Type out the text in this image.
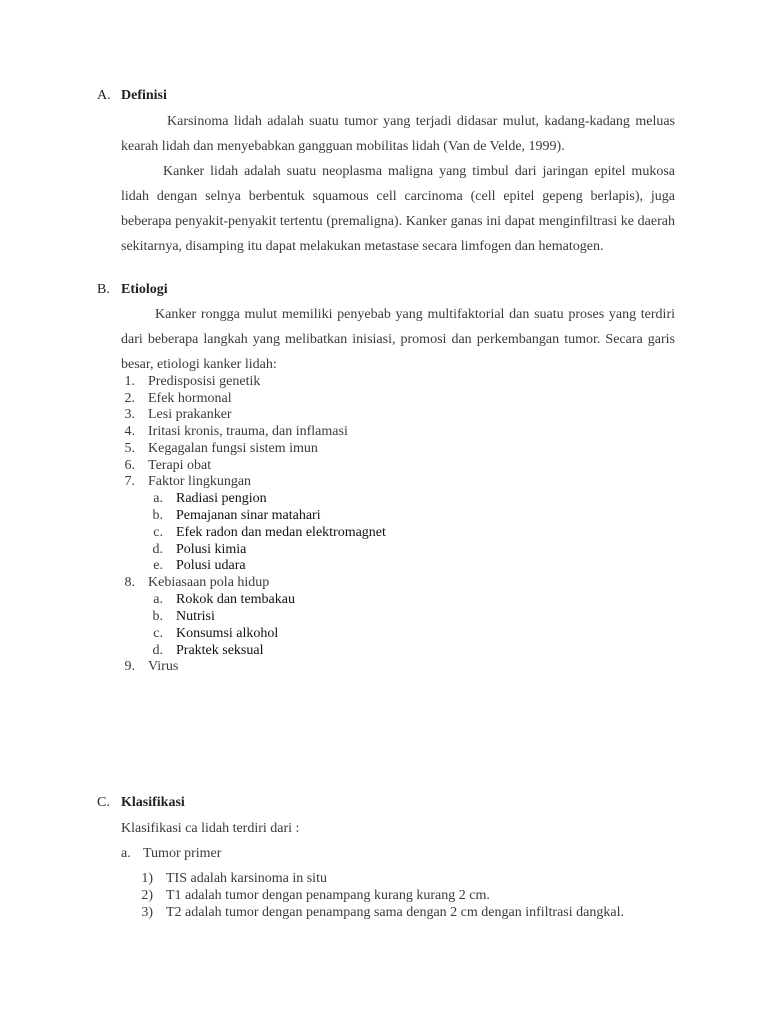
A. Definisi
Karsinoma lidah adalah suatu tumor yang terjadi didasar mulut, kadang-kadang meluas kearah lidah dan menyebabkan gangguan mobilitas lidah (Van de Velde, 1999).
Kanker lidah adalah suatu neoplasma maligna yang timbul dari jaringan epitel mukosa lidah dengan selnya berbentuk squamous cell carcinoma (cell epitel gepeng berlapis), juga beberapa penyakit-penyakit tertentu (premaligna). Kanker ganas ini dapat menginfiltrasi ke daerah sekitarnya, disamping itu dapat melakukan metastase secara limfogen dan hematogen.
B. Etiologi
Kanker rongga mulut memiliki penyebab yang multifaktorial dan suatu proses yang terdiri dari beberapa langkah yang melibatkan inisiasi, promosi dan perkembangan tumor. Secara garis besar, etiologi kanker lidah:
1. Predisposisi genetik
2. Efek hormonal
3. Lesi prakanker
4. Iritasi kronis, trauma, dan inflamasi
5. Kegagalan fungsi sistem imun
6. Terapi obat
7. Faktor lingkungan
a. Radiasi pengion
b. Pemajanan sinar matahari
c. Efek radon dan medan elektromagnet
d. Polusi kimia
e. Polusi udara
8. Kebiasaan pola hidup
a. Rokok dan tembakau
b. Nutrisi
c. Konsumsi alkohol
d. Praktek seksual
9. Virus
C. Klasifikasi
Klasifikasi ca lidah terdiri dari :
a. Tumor primer
1) TIS adalah karsinoma in situ
2) T1 adalah tumor dengan penampang kurang kurang 2 cm.
3) T2 adalah tumor dengan penampang sama dengan 2 cm dengan infiltrasi dangkal.
